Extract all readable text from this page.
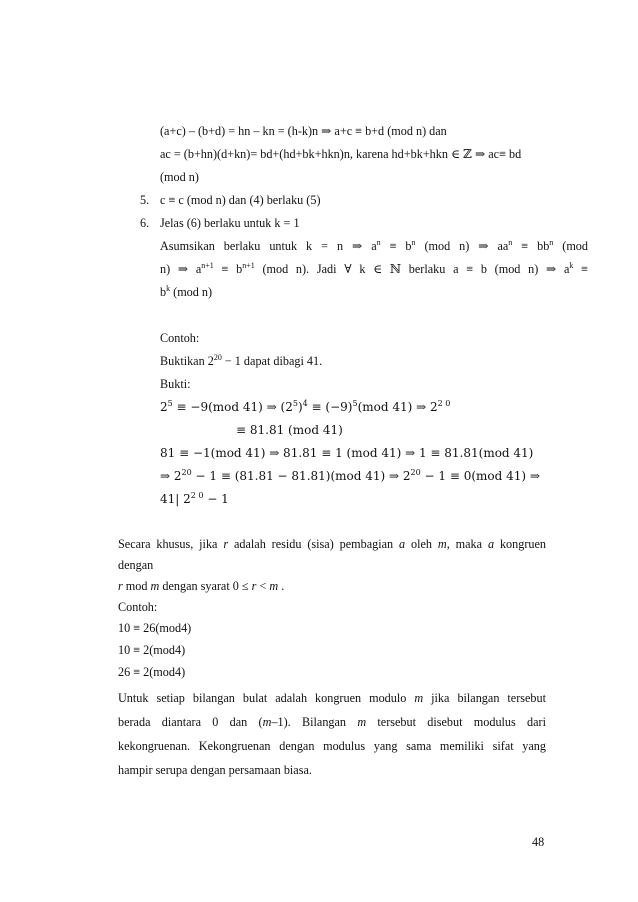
(a+c) – (b+d) = hn – kn = (h-k)n ⇒ a+c ≡ b+d (mod n) dan
ac = (b+hn)(d+kn)= bd+(hd+bk+hkn)n, karena hd+bk+hkn ∈ ℤ ⇒ ac≡ bd
(mod n)
5. c ≡ c (mod n) dan (4) berlaku (5)
6. Jelas (6) berlaku untuk k = 1
Asumsikan berlaku untuk k = n ⇒ $a^n \equiv b^n$ (mod n) ⇒ $aa^n \equiv bb^n$ (mod
n) ⇒ $a^{n+1} \equiv b^{n+1}$ (mod n). Jadi ∀ k ∈ ℕ berlaku a ≡ b (mod n) ⇒ $a^k$ ≡
$b^k$ (mod n)
Contoh:
Buktikan $2^{20} - 1$ dapat dibagi 41.
Bukti:
$2^5 \equiv -9(mod$ 41) ⇒ $(2^5)^4 \equiv (-9)^5(mod$ 41) ⇒ $2^{2 0}$
≡ 81.81 (mod 41)
81 ≡ −1(mod 41) ⇒ 81.81 ≡ 1 (mod 41) ⇒ 1 ≡ 81.81(mod 41)
⇒ $2^{20} - 1 \equiv (81.81 - 81.81)(mod$ 41) ⇒ $2^{20} - 1 \equiv 0(mod$ 41) ⇒
41| $2^{2 0} - 1$
Secara khusus, jika r adalah residu (sisa) pembagian a oleh m, maka a kongruen
dengan
r mod m dengan syarat 0 ≤ r < m .
Contoh:
10 ≡ 26(mod4)
10 ≡ 2(mod4)
26 ≡ 2(mod4)
Untuk setiap bilangan bulat adalah kongruen modulo m jika bilangan tersebut
berada diantara 0 dan (m–1). Bilangan m tersebut disebut modulus dari
kekongruenan. Kekongruenan dengan modulus yang sama memiliki sifat yang
hampir serupa dengan persamaan biasa.
48
